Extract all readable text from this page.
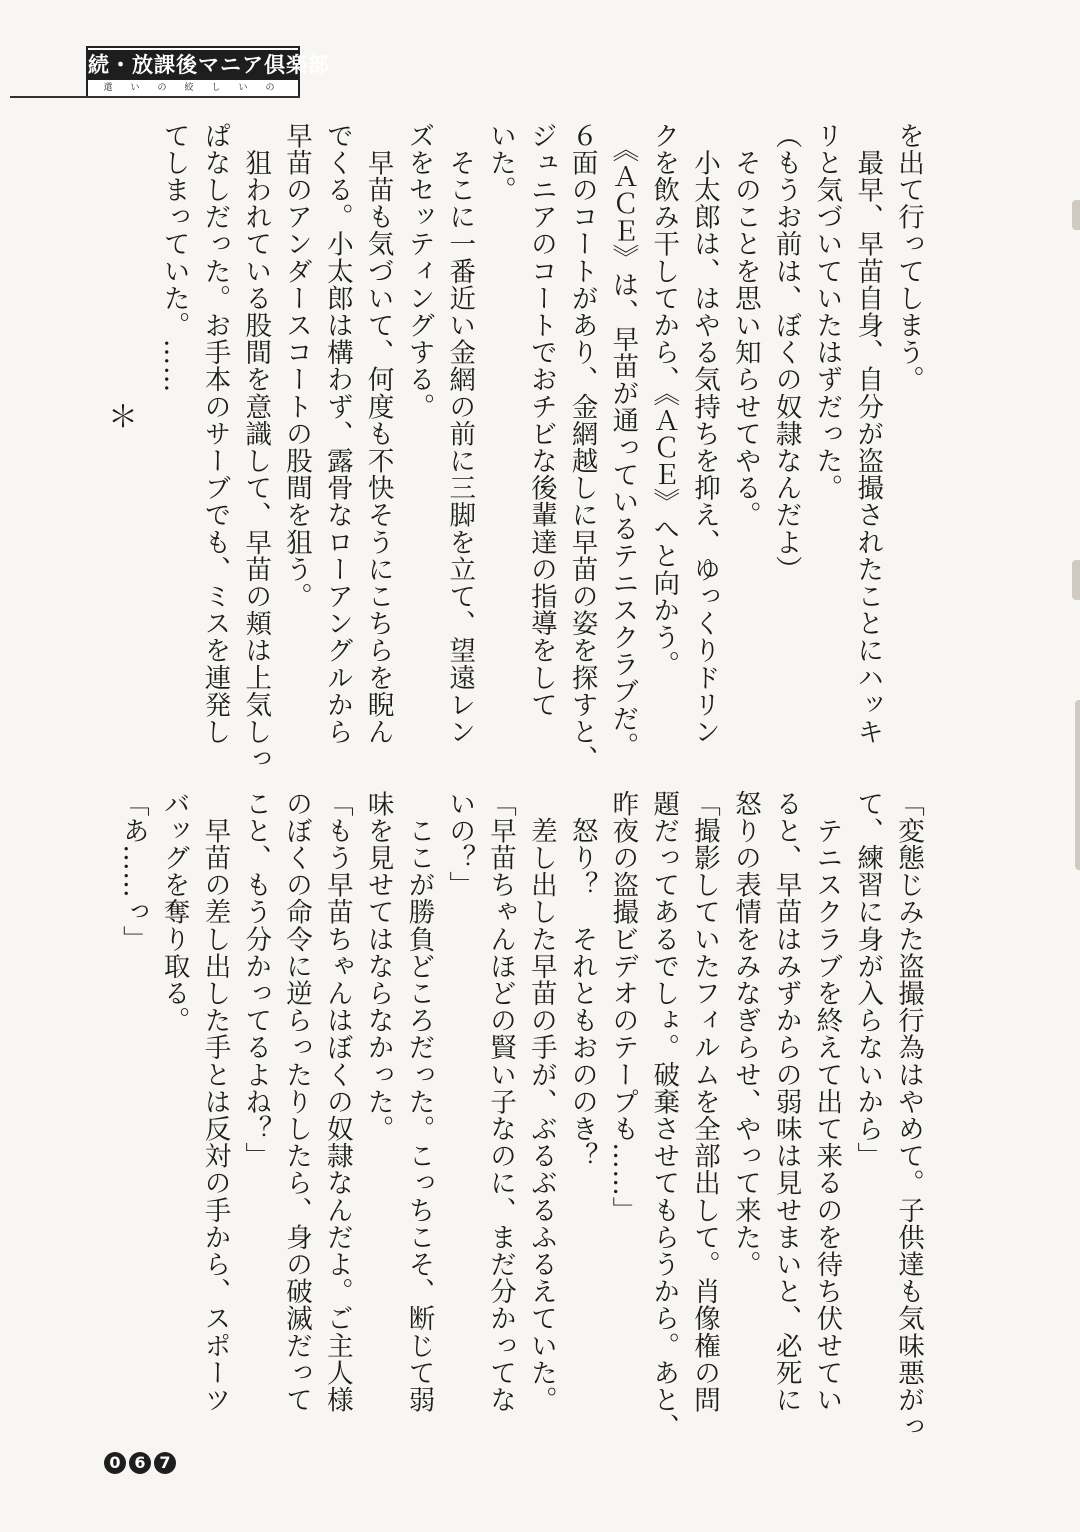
続・放課後マニア倶楽部
還いの絞しいの

を出て行ってしまう。

　最早、早苗自身、自分が盗撮されたことにハッキ

リと気づいていたはずだった。

（もうお前は、ぼくの奴隷なんだよ）

　そのことを思い知らせてやる。

　小太郎は、はやる気持ちを抑え、ゆっくりドリン

クを飲み干してから、《ＡＣＥ》へと向かう。

　《ＡＣＥ》は、早苗が通っているテニスクラブだ。

６面のコートがあり、金網越しに早苗の姿を探すと、

ジュニアのコートでおチビな後輩達の指導をして

いた。

　そこに一番近い金網の前に三脚を立て、望遠レン

ズをセッティングする。

　早苗も気づいて、何度も不快そうにこちらを睨ん

でくる。小太郎は構わず、露骨なローアングルから

早苗のアンダースコートの股間を狙う。

　狙われている股間を意識して、早苗の頬は上気しっ

ぱなしだった。お手本のサーブでも、ミスを連発し

てしまっていた。……

＊

「変態じみた盗撮行為はやめて。子供達も気味悪がっ

て、練習に身が入らないから」

　テニスクラブを終えて出て来るのを待ち伏せてい

ると、早苗はみずからの弱味は見せまいと、必死に

怒りの表情をみなぎらせ、やって来た。

「撮影していたフィルムを全部出して。肖像権の問

題だってあるでしょ。破棄させてもらうから。あと、

昨夜の盗撮ビデオのテープも……」

　怒り？　それともおののき？

　差し出した早苗の手が、ぶるぶるふるえていた。

「早苗ちゃんほどの賢い子なのに、まだ分かってな

いの？」

　ここが勝負どころだった。こっちこそ、断じて弱

味を見せてはならなかった。

「もう早苗ちゃんはぼくの奴隷なんだよ。ご主人様

のぼくの命令に逆らったりしたら、身の破滅だって

こと、もう分かってるよね？」

　早苗の差し出した手とは反対の手から、スポーツ

バッグを奪り取る。

「あ……っ」

0 6 7
